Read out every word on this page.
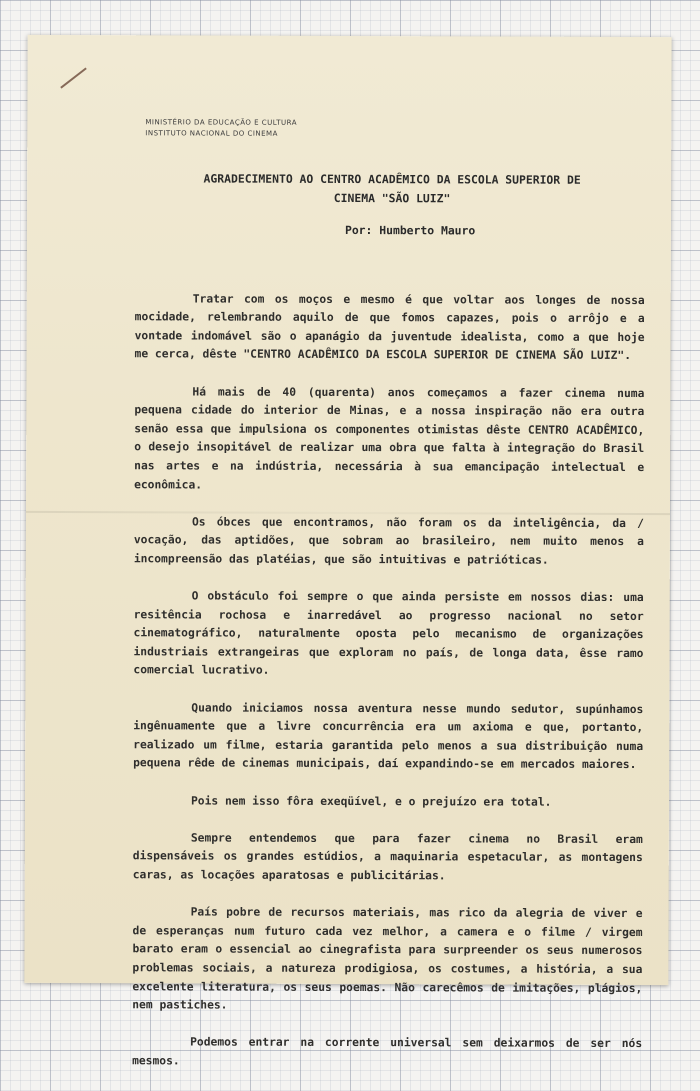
MINISTÉRIO DA EDUCAÇÃO E CULTURA
INSTITUTO NACIONAL DO CINEMA
AGRADECIMENTO AO CENTRO ACADÊMICO DA ESCOLA SUPERIOR DE
CINEMA "SÃO LUIZ"
Por: Humberto Mauro

Tratar com os moços e mesmo é que voltar aos longes de nossa mocidade, relembrando aquilo de que fomos capazes, pois o arrôjo e a vontade indomável são o apanágio da juventude idealista, como a que hoje me cerca, dêste "CENTRO ACADÊMICO DA ESCOLA SUPERIOR DE CINEMA SÃO LUIZ".

Há mais de 40 (quarenta) anos começamos a fazer cinema numa pequena cidade do interior de Minas, e a nossa inspiração não era outra senão essa que impulsiona os componentes otimistas dêste CENTRO ACADÊMICO, o desejo insopitável de realizar uma obra que falta à integração do Brasil nas artes e na indústria, necessária à sua emancipação intelectual e econômica.

Os óbces que encontramos, não foram os da inteligência, da / vocação, das aptidões, que sobram ao brasileiro, nem muito menos a incompreensão das platéias, que são intuitivas e patrióticas.

O obstáculo foi sempre o que ainda persiste em nossos dias: uma resitência rochosa e inarredável ao progresso nacional no setor cinematográfico, naturalmente oposta pelo mecanismo de organizações industriais extrangeiras que exploram no país, de longa data, êsse ramo comercial lucrativo.

Quando iniciamos nossa aventura nesse mundo sedutor, supúnhamos ingênuamente que a livre concurrência era um axioma e que, portanto, realizado um filme, estaria garantida pelo menos a sua distribuição numa pequena rêde de cinemas municipais, daí expandindo-se em mercados maiores.

Pois nem isso fôra exeqüível, e o prejuízo era total.

Sempre entendemos que para fazer cinema no Brasil eram dispensáveis os grandes estúdios, a maquinaria espetacular, as montagens caras, as locações aparatosas e publicitárias.

País pobre de recursos materiais, mas rico da alegria de viver e de esperanças num futuro cada vez melhor, a camera e o filme / virgem barato eram o essencial ao cinegrafista para surpreender os seus numerosos problemas sociais, a natureza prodigiosa, os costumes, a história, a sua excelente literatura, os seus poemas. Não carecêmos de imitações, plágios, nem pastiches.

Podemos entrar na corrente universal sem deixarmos de ser nós mesmos.
